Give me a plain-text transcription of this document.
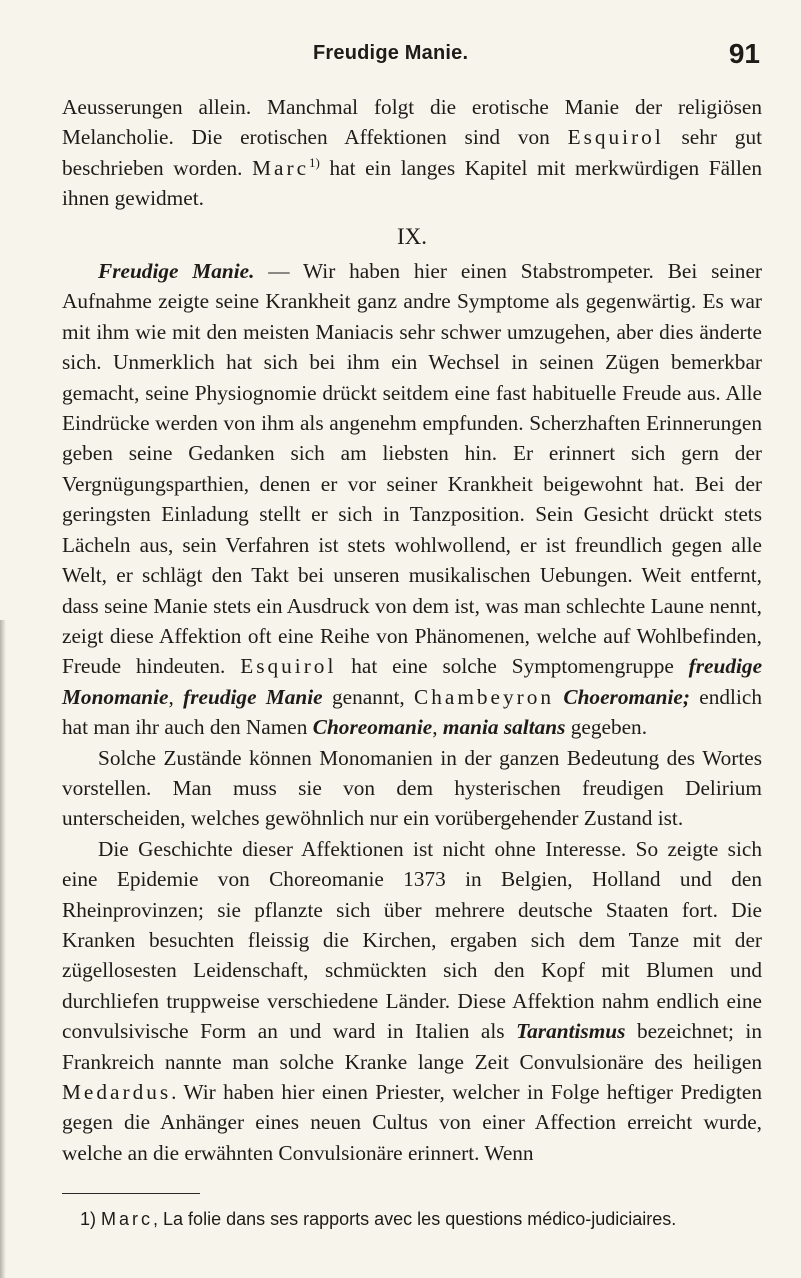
Freudige Manie.	91

Aeusserungen allein. Manchmal folgt die erotische Manie der religiösen Melancholie. Die erotischen Affektionen sind von Esquirol sehr gut beschrieben worden. Marc$^{1)}$ hat ein langes Kapitel mit merkwürdigen Fällen ihnen gewidmet.

IX.

Freudige Manie. — Wir haben hier einen Stabstrompeter. Bei seiner Aufnahme zeigte seine Krankheit ganz andre Symptome als gegenwärtig. Es war mit ihm wie mit den meisten Maniacis sehr schwer umzugehen, aber dies änderte sich. Unmerklich hat sich bei ihm ein Wechsel in seinen Zügen bemerkbar gemacht, seine Physiognomie drückt seitdem eine fast habituelle Freude aus. Alle Eindrücke werden von ihm als angenehm empfunden. Scherzhaften Erinnerungen geben seine Gedanken sich am liebsten hin. Er erinnert sich gern der Vergnügungsparthien, denen er vor seiner Krankheit beigewohnt hat. Bei der geringsten Einladung stellt er sich in Tanzposition. Sein Gesicht drückt stets Lächeln aus, sein Verfahren ist stets wohlwollend, er ist freundlich gegen alle Welt, er schlägt den Takt bei unseren musikalischen Uebungen. Weit entfernt, dass seine Manie stets ein Ausdruck von dem ist, was man schlechte Laune nennt, zeigt diese Affektion oft eine Reihe von Phänomenen, welche auf Wohlbefinden, Freude hindeuten. Esquirol hat eine solche Symptomengruppe freudige Monomanie, freudige Manie genannt, Chambeyron Choeromanie; endlich hat man ihr auch den Namen Choreomanie, mania saltans gegeben.

Solche Zustände können Monomanien in der ganzen Bedeutung des Wortes vorstellen. Man muss sie von dem hysterischen freudigen Delirium unterscheiden, welches gewöhnlich nur ein vorübergehender Zustand ist.

Die Geschichte dieser Affektionen ist nicht ohne Interesse. So zeigte sich eine Epidemie von Choreomanie 1373 in Belgien, Holland und den Rheinprovinzen; sie pflanzte sich über mehrere deutsche Staaten fort. Die Kranken besuchten fleissig die Kirchen, ergaben sich dem Tanze mit der zügellosesten Leidenschaft, schmückten sich den Kopf mit Blumen und durchliefen truppweise verschiedene Länder. Diese Affektion nahm endlich eine convulsivische Form an und ward in Italien als Tarantismus bezeichnet; in Frankreich nannte man solche Kranke lange Zeit Convulsionäre des heiligen Medardus. Wir haben hier einen Priester, welcher in Folge heftiger Predigten gegen die Anhänger eines neuen Cultus von einer Affection erreicht wurde, welche an die erwähnten Convulsionäre erinnert. Wenn

1) Marc, La folie dans ses rapports avec les questions médico-judiciaires.
